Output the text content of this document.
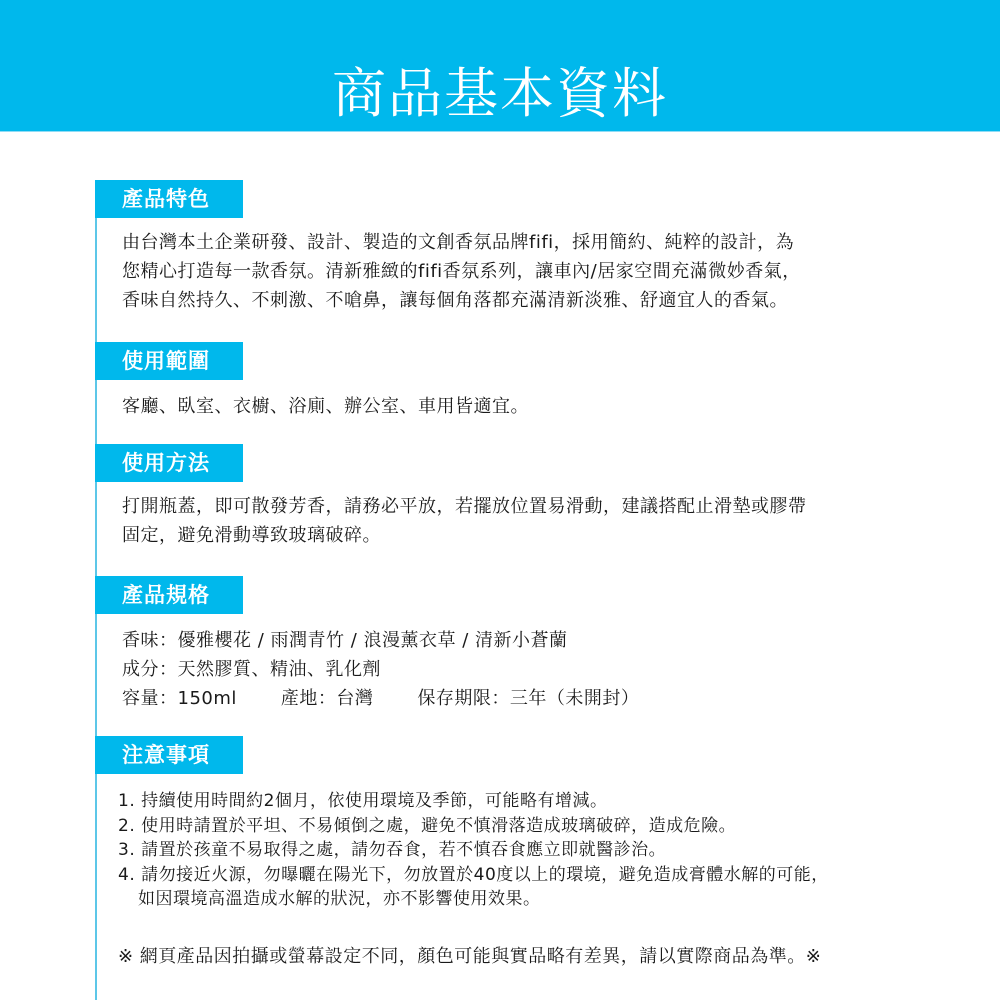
商品基本資料
產品特色

由台灣本土企業研發、設計、製造的文創香氛品牌fifi，採用簡約、純粹的設計，為

您精心打造每一款香氛。清新雅緻的fifi香氛系列，讓車內/居家空間充滿微妙香氣，

香味自然持久、不刺激、不嗆鼻，讓每個角落都充滿清新淡雅、舒適宜人的香氣。

使用範圍

客廳、臥室、衣櫥、浴廁、辦公室、車用皆適宜。

使用方法

打開瓶蓋，即可散發芳香，請務必平放，若擺放位置易滑動，建議搭配止滑墊或膠帶

固定，避免滑動導致玻璃破碎。

產品規格

香味：優雅櫻花 / 雨潤青竹 / 浪漫薰衣草 / 清新小蒼蘭

成分：天然膠質、精油、乳化劑

容量：150ml 產地：台灣 保存期限：三年（未開封）

注意事項

1. 持續使用時間約2個月，依使用環境及季節，可能略有增減。

2. 使用時請置於平坦、不易傾倒之處，避免不慎滑落造成玻璃破碎，造成危險。

3. 請置於孩童不易取得之處，請勿吞食，若不慎吞食應立即就醫診治。

4. 請勿接近火源，勿曝曬在陽光下，勿放置於40度以上的環境，避免造成膏體水解的可能，

如因環境高溫造成水解的狀況，亦不影響使用效果。

※ 網頁產品因拍攝或螢幕設定不同，顏色可能與實品略有差異，請以實際商品為準。※
